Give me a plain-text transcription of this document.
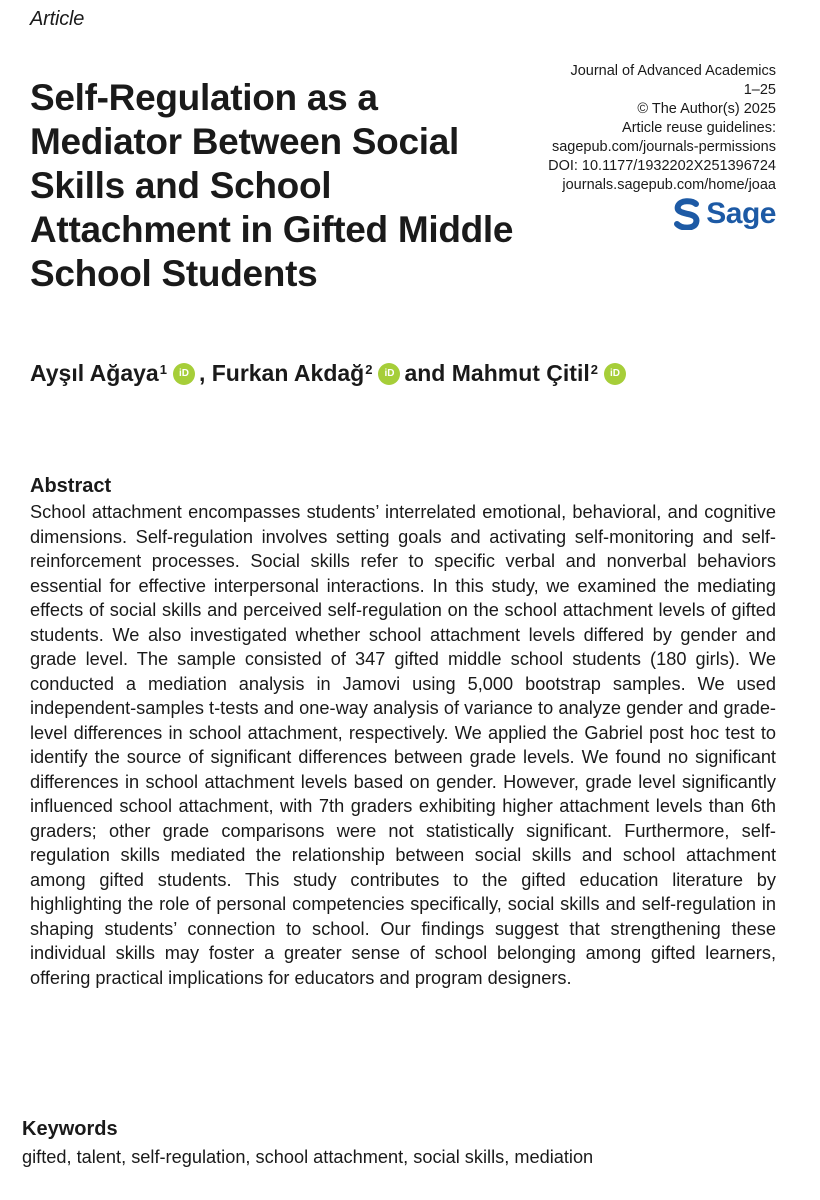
Article
Self-Regulation as a Mediator Between Social Skills and School Attachment in Gifted Middle School Students
Journal of Advanced Academics
1–25
© The Author(s) 2025
Article reuse guidelines:
sagepub.com/journals-permissions
DOI: 10.1177/1932202X251396724
journals.sagepub.com/home/joaa
Sage
Ayşıl Ağaya$^1$	iD , Furkan Akdağ$^2$	iD and Mahmut Çitil$^2$	iD
Abstract

School attachment encompasses students’ interrelated emotional, behavioral, and cognitive dimensions. Self-regulation involves setting goals and activating self-monitoring and self-reinforcement processes. Social skills refer to specific verbal and nonverbal behaviors essential for effective interpersonal interactions. In this study, we examined the mediating effects of social skills and perceived self-regulation on the school attachment levels of gifted students. We also investigated whether school attachment levels differed by gender and grade level. The sample consisted of 347 gifted middle school students (180 girls). We conducted a mediation analysis in Jamovi using 5,000 bootstrap samples. We used independent-samples t-tests and one-way analysis of variance to analyze gender and grade-level differences in school attachment, respectively. We applied the Gabriel post hoc test to identify the source of significant differences between grade levels. We found no significant differences in school attachment levels based on gender. However, grade level significantly influenced school attachment, with 7th graders exhibiting higher attachment levels than 6th graders; other grade comparisons were not statistically significant. Furthermore, self-regulation skills mediated the relationship between social skills and school attachment among gifted students. This study contributes to the gifted education literature by highlighting the role of personal competencies specifically, social skills and self-regulation in shaping students’ connection to school. Our findings suggest that strengthening these individual skills may foster a greater sense of school belonging among gifted learners, offering practical implications for educators and program designers.

Keywords
gifted, talent, self-regulation, school attachment, social skills, mediation
